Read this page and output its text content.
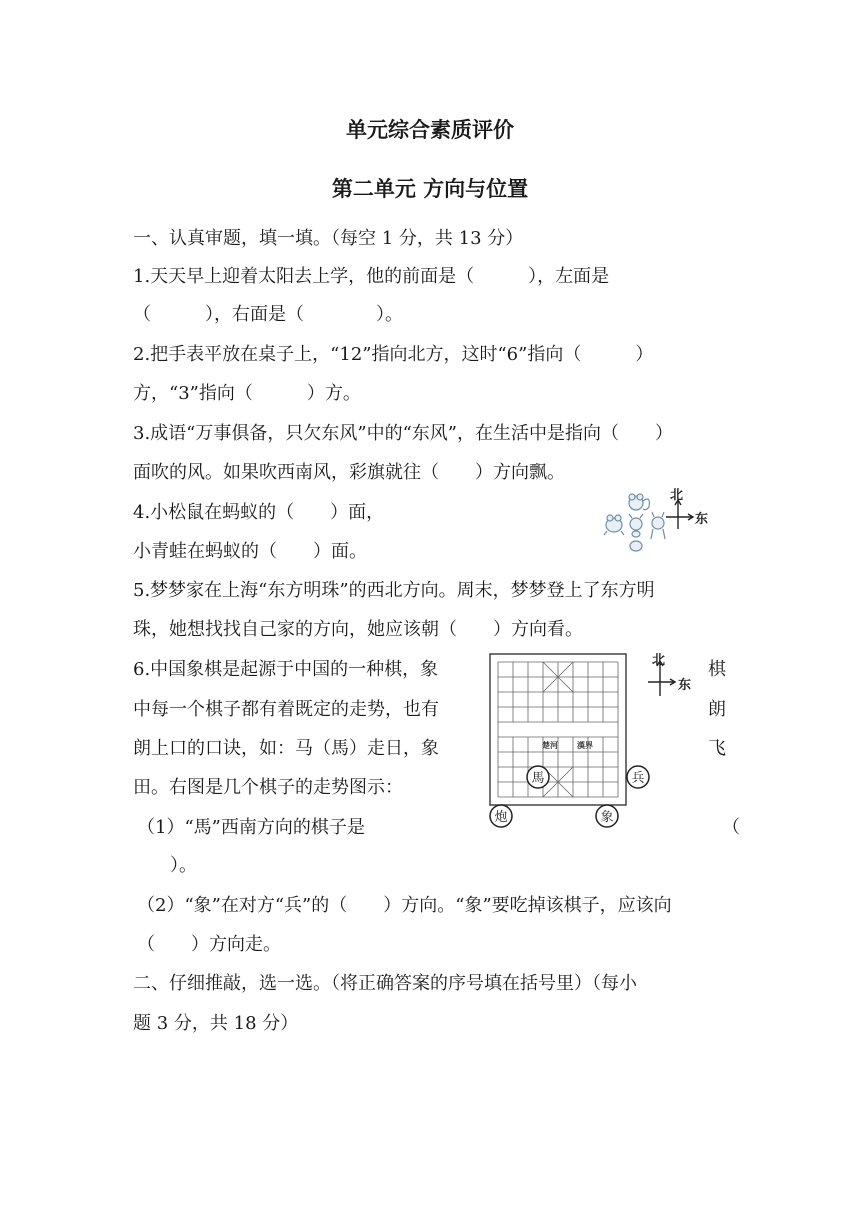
单元综合素质评价
第二单元 方向与位置
一、认真审题，填一填。（每空 1 分，共 13 分）
1.天天早上迎着太阳去上学，他的前面是（　　　），左面是
（　　　），右面是（　　　　）。
2.把手表平放在桌子上，“12”指向北方，这时“6”指向（　　　）
方，“3”指向（　　　）方。
3.成语“万事俱备，只欠东风”中的“东风”，在生活中是指向（　　）
面吹的风。如果吹西南风，彩旗就往（　　）方向飘。
4.小松鼠在蚂蚁的（　　）面，
小青蛙在蚂蚁的（　　）面。
5.梦梦家在上海“东方明珠”的西北方向。周末，梦梦登上了东方明
珠，她想找找自己家的方向，她应该朝（　　）方向看。
6.中国象棋是起源于中国的一种棋，象	棋
中每一个棋子都有着既定的走势，也有	朗
朗上口的口诀，如：马（馬）走日，象	飞
田。右图是几个棋子的走势图示：
（1）“馬”西南方向的棋子是	（
）。
（2）“象”在对方“兵”的（　　）方向。“象”要吃掉该棋子，应该向
（　　）方向走。
二、仔细推敲，选一选。（将正确答案的序号填在括号里）（每小
题 3 分，共 18 分）
北
东
楚河 漢界
馬	兵
炮	象
北
东
